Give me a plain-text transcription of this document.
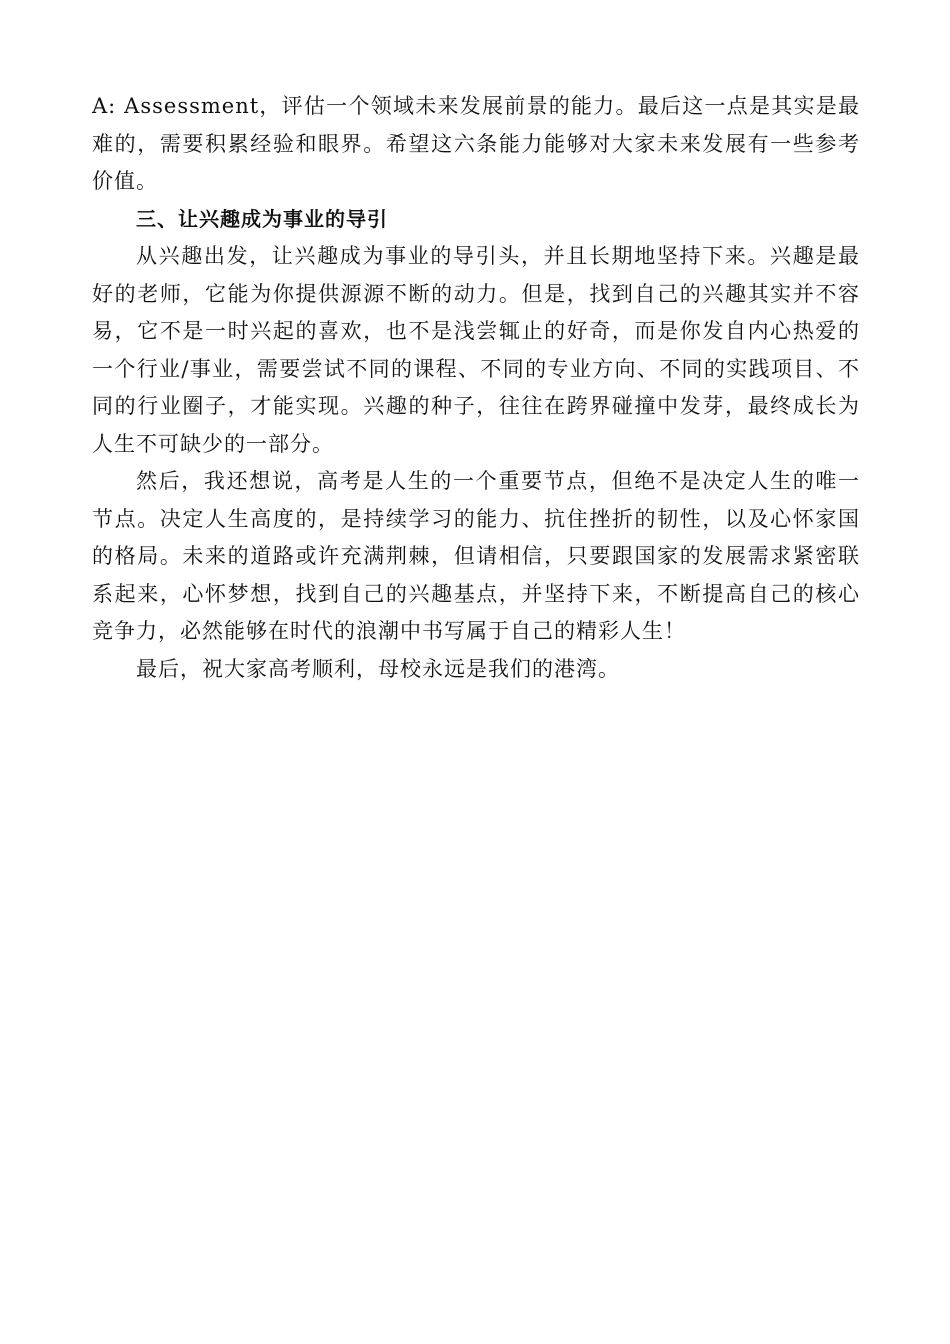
A: Assessment，评估一个领域未来发展前景的能力。最后这一点是其实是最难的，需要积累经验和眼界。希望这六条能力能够对大家未来发展有一些参考价值。

三、让兴趣成为事业的导引

从兴趣出发，让兴趣成为事业的导引头，并且长期地坚持下来。兴趣是最好的老师，它能为你提供源源不断的动力。但是，找到自己的兴趣其实并不容易，它不是一时兴起的喜欢，也不是浅尝辄止的好奇，而是你发自内心热爱的一个行业/事业，需要尝试不同的课程、不同的专业方向、不同的实践项目、不同的行业圈子，才能实现。兴趣的种子，往往在跨界碰撞中发芽，最终成长为人生不可缺少的一部分。

然后，我还想说，高考是人生的一个重要节点，但绝不是决定人生的唯一节点。决定人生高度的，是持续学习的能力、抗住挫折的韧性，以及心怀家国的格局。未来的道路或许充满荆棘，但请相信，只要跟国家的发展需求紧密联系起来，心怀梦想，找到自己的兴趣基点，并坚持下来，不断提高自己的核心竞争力，必然能够在时代的浪潮中书写属于自己的精彩人生！

最后，祝大家高考顺利，母校永远是我们的港湾。
